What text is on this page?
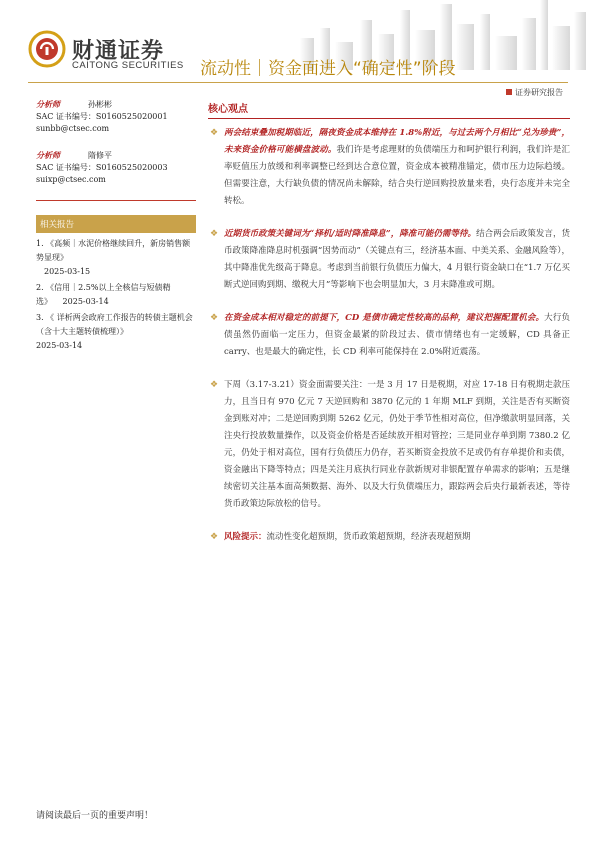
财通证券
CAITONG SECURITIES 流动性｜资金面进入“确定性”阶段
证券研究报告
分析师	孙彬彬
SAC 证书编号：S0160525020001
sunbb@ctsec.com
分析师	隋修平
SAC 证书编号：S0160525020003
suixp@ctsec.com
相关报告
1. 《高频｜水泥价格继续回升，新房销售额势显现》
2025-03-15
2. 《信用｜2.5%以上全核信与短债精选》 2025-03-14
3. 《 详析两会政府工作报告的转债主题机会 （含十大主题转债梳理）》
2025-03-14
核心观点
❖ 两会结束叠加税期临近，隔夜资金成本维持在 1.8%附近，与过去两个月相比“兑为珍贵”，未来资金价格可能横盘波动。我们许是考虑理财的负债端压力和呵护银行利润，我们许是汇率贬值压力放缓和利率调整已经到达合意位置，资金成本被精准锚定，债市压力边际趋缓。但需要注意，大行缺负债的情况尚未解除，结合央行逆回购投放量来看，央行态度并未完全转松。
❖ 近期货币政策关键词为“择机/适时降准降息”，降准可能仍需等待。结合两会后政策发言，货币政策降准降息时机强调“因势而动”（关键点有三，经济基本面、中美关系、金融风险等），其中降准优先级高于降息。考虑到当前银行负债压力偏大，4 月银行资金缺口在“1.7 万亿买断式逆回购到期、缴税大月”等影响下也会明显加大，3 月末降准或可期。
❖ 在资金成本相对稳定的前提下，CD 是债市确定性较高的品种，建议把握配置机会。大行负债虽然仍面临一定压力，但资金最紧的阶段过去、债市情绪也有一定缓解，CD 具备正 carry、也是最大的确定性，长 CD 利率可能保持在 2.0%附近震荡。
❖ 下周（3.17-3.21）资金面需要关注：一是 3 月 17 日是税期，对应 17-18 日有税期走款压力，且当日有 970 亿元 7 天逆回购和 3870 亿元的 1 年期 MLF 到期，关注是否有买断资金到账对冲；二是逆回购到期 5262 亿元，仍处于季节性相对高位，但净缴款明显回落，关注央行投放数量操作，以及资金价格是否延续放开相对管控；三是同业存单到期 7380.2 亿元，仍处于相对高位，国有行负债压力仍存，若买断资金投放不足或仍有存单提价和卖债，资金融出下降等特点；四是关注月底执行同业存款新规对非银配置存单需求的影响；五是继续密切关注基本面高频数据、海外、以及大行负债端压力，跟踪两会后央行最新表述，等待货币政策边际放松的信号。
❖ 风险提示：流动性变化超预期，货币政策超预期，经济表现超预期
请阅读最后一页的重要声明！
